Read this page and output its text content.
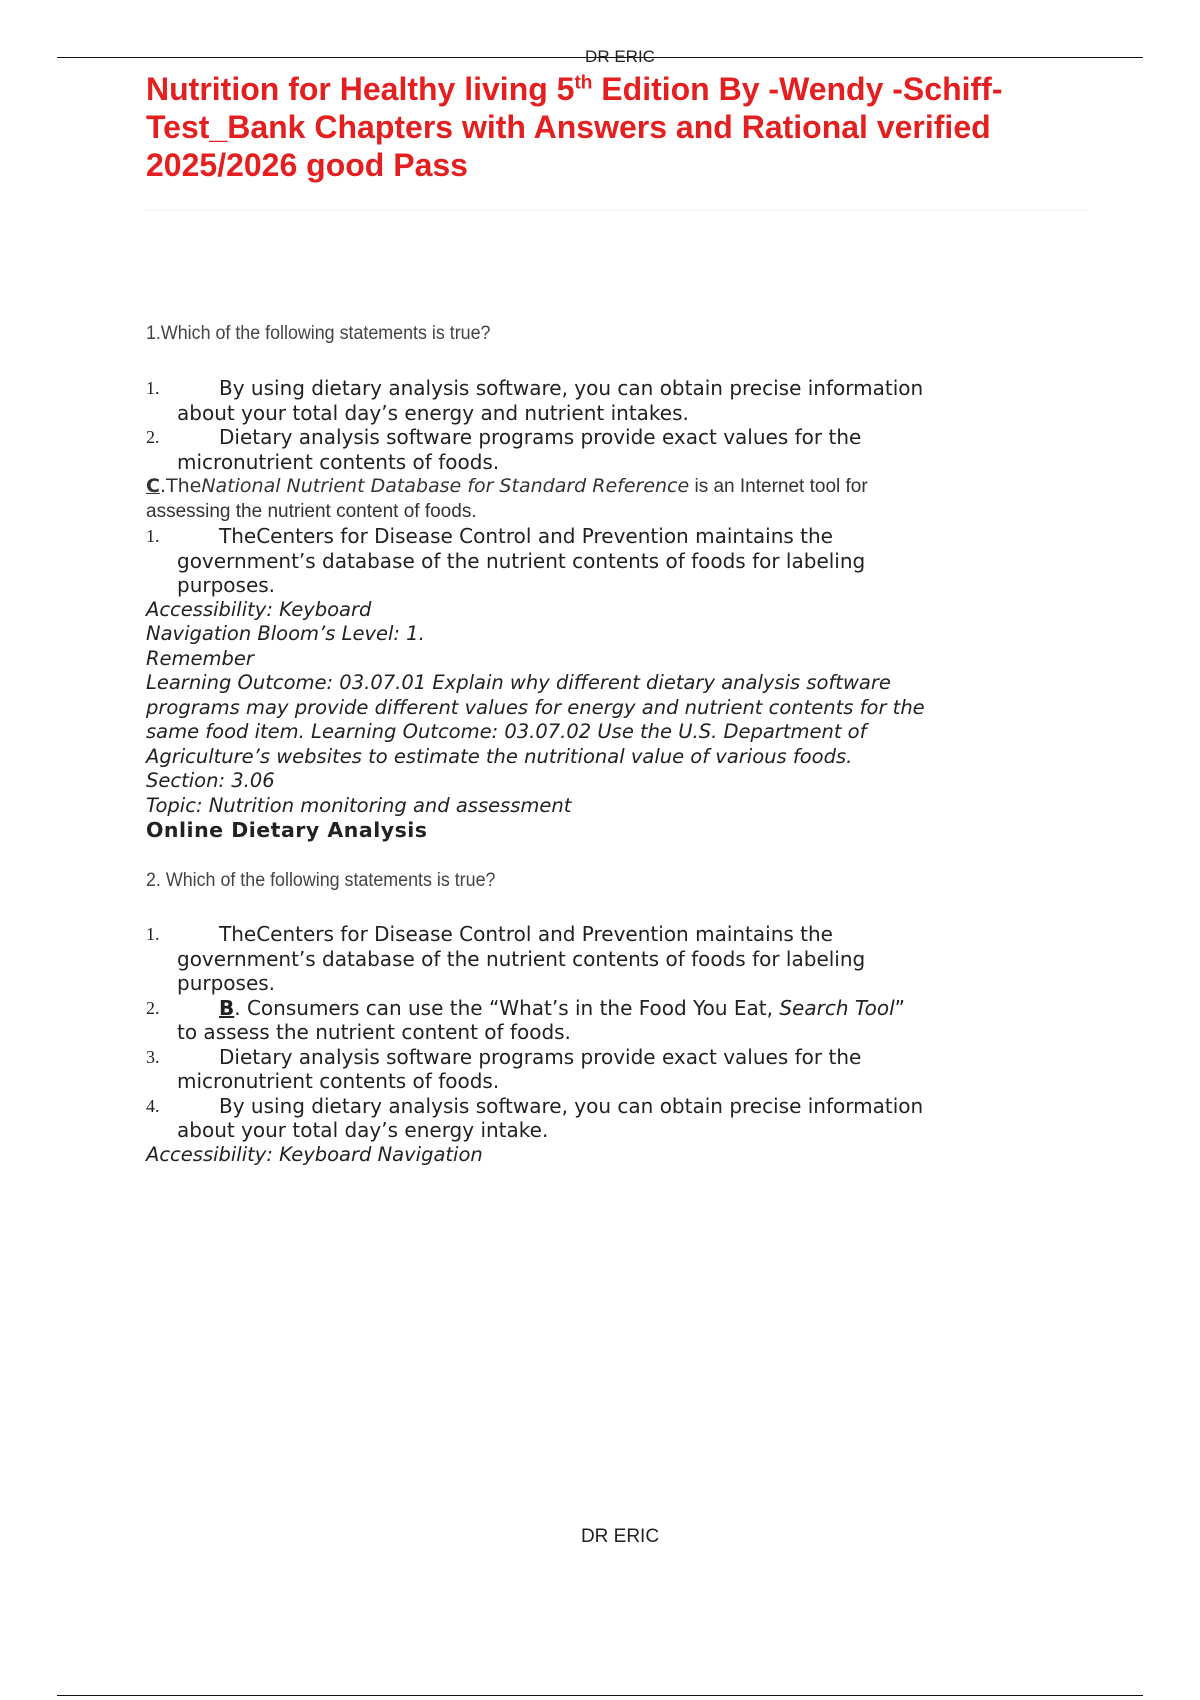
DR ERIC
Nutrition for Healthy living 5th Edition By -Wendy -Schiff-
Test_Bank Chapters with Answers and Rational verified
2025/2026 good Pass
1.Which of the following statements is true?
1.	By using dietary analysis software, you can obtain precise information
about your total day’s energy and nutrient intakes.
2.	Dietary analysis software programs provide exact values for the
micronutrient contents of foods.
C.TheNational Nutrient Database for Standard Reference is an Internet tool for
assessing the nutrient content of foods.
1.	TheCenters for Disease Control and Prevention maintains the
government’s database of the nutrient contents of foods for labeling
purposes.
Accessibility: Keyboard
Navigation Bloom’s Level: 1.
Remember
Learning Outcome: 03.07.01 Explain why different dietary analysis software
programs may provide different values for energy and nutrient contents for the
same food item. Learning Outcome: 03.07.02 Use the U.S. Department of
Agriculture’s websites to estimate the nutritional value of various foods.
Section: 3.06
Topic: Nutrition monitoring and assessment
Online Dietary Analysis
2. Which of the following statements is true?
1.	TheCenters for Disease Control and Prevention maintains the
government’s database of the nutrient contents of foods for labeling
purposes.
2.	B. Consumers can use the “What’s in the Food You Eat, Search Tool”
to assess the nutrient content of foods.
3.	Dietary analysis software programs provide exact values for the
micronutrient contents of foods.
4.	By using dietary analysis software, you can obtain precise information
about your total day’s energy intake.
Accessibility: Keyboard Navigation
DR ERIC
